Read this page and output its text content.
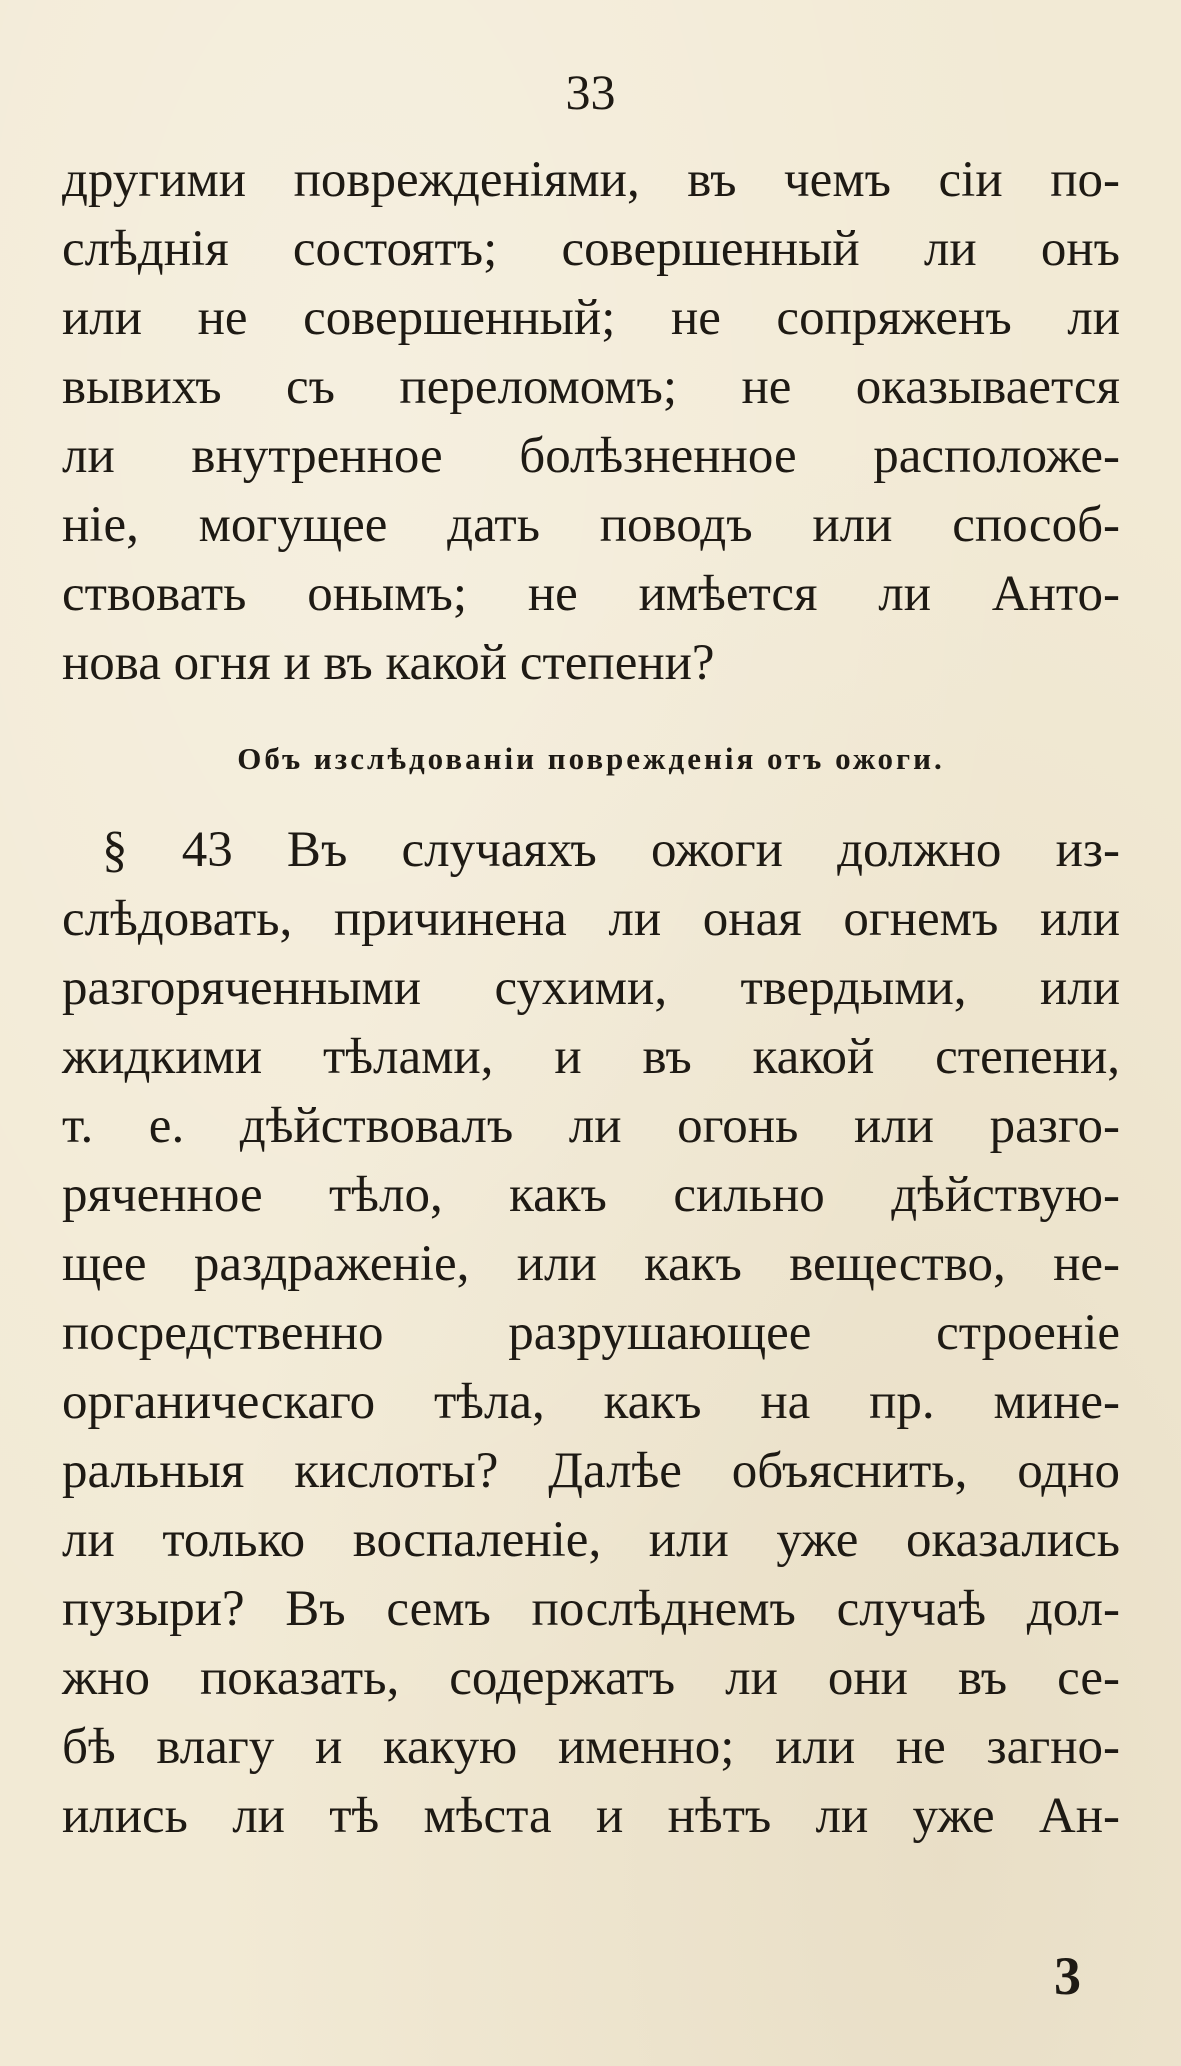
33
другими поврежденiями, въ чемъ сiи по-
слѣднiя состоятъ; совершенный ли онъ
или не совершенный; не сопряженъ ли
вывихъ съ переломомъ; не оказывается
ли внутренное болѣзненное расположе-
нiе, могущее дать поводъ или способ-
ствовать онымъ; не имѣется ли Анто-
нова огня и въ какой степени?
Объ изслѣдованiи поврежденiя отъ ожоги.
§ 43 Въ случаяхъ ожоги должно из-
слѣдовать, причинена ли оная огнемъ или
разгоряченными сухими, твердыми, или
жидкими тѣлами, и въ какой степени,
т. е. дѣйствовалъ ли огонь или разго-
ряченное тѣло, какъ сильно дѣйствую-
щее раздраженiе, или какъ вещество, не-
посредственно разрушающее строенiе
органическаго тѣла, какъ на пр. мине-
ральныя кислоты? Далѣе объяснить, одно
ли только воспаленiе, или уже оказались
пузыри? Въ семъ послѣднемъ случаѣ дол-
жно показать, содержатъ ли они въ се-
бѣ влагу и какую именно; или не загно-
ились ли тѣ мѣста и нѣтъ ли уже Ан-
3
